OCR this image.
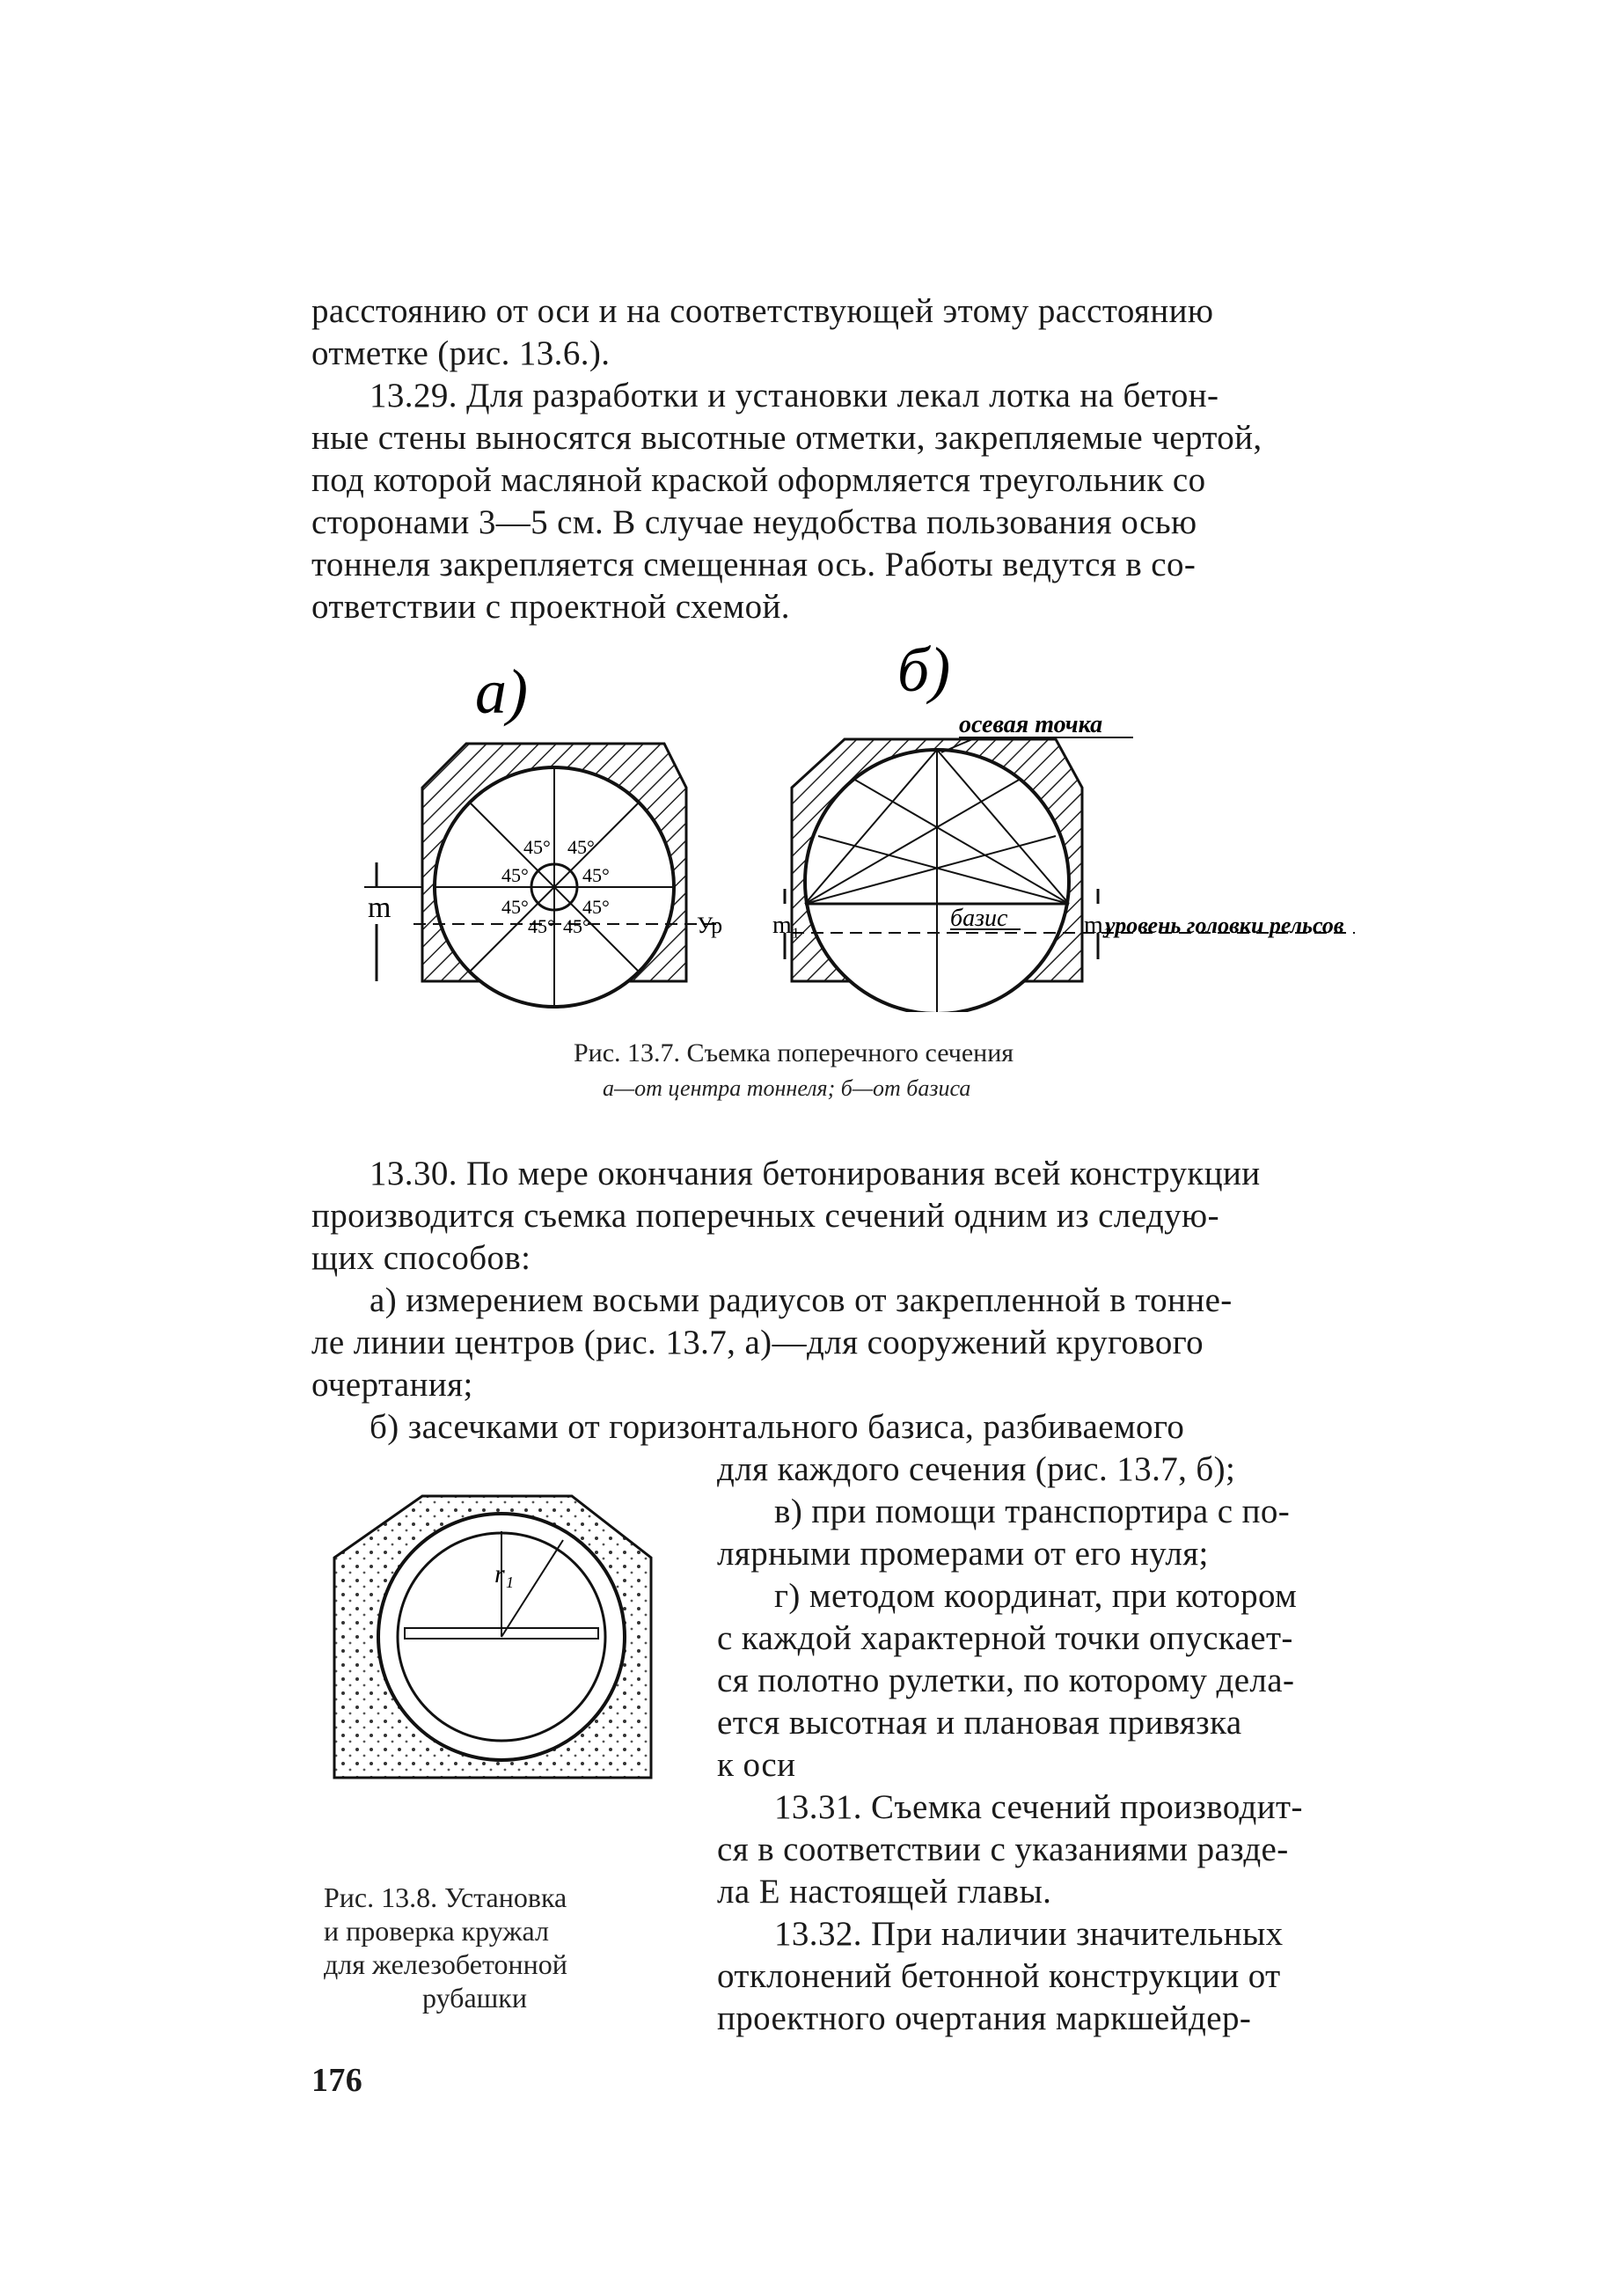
расстоянию от оси и на соответствующей этому расстоянию
отметке (рис. 13.6.).
13.29. Для разработки и установки лекал лотка на бетон-
ные стены выносятся высотные отметки, закрепляемые чертой,
под которой масляной краской оформляется треугольник со
сторонами 3—5 см. В случае неудобства пользования осью
тоннеля закрепляется смещенная ось. Работы ведутся в со-
ответствии с проектной схемой.
а)	б)
45° 45°
45°	45°
45°	45°
45° 45°	Ур
m	базис
осевая точка
уровень головки рельсов
m₁	m₁
Рис. 13.7. Съемка поперечного сечения
а—от центра тоннеля; б—от базиса
13.30. По мере окончания бетонирования всей конструкции
производится съемка поперечных сечений одним из следую-
щих способов:
а) измерением восьми радиусов от закрепленной в тонне-
ле линии центров (рис. 13.7, а)—для сооружений кругового
очертания;
б) засечками от горизонтального базиса, разбиваемого
для каждого сечения (рис. 13.7, б);
в) при помощи транспортира с по-
лярными промерами от его нуля;
г) методом координат, при котором
с каждой характерной точки опускает-
ся полотно рулетки, по которому дела-
ется высотная и плановая привязка
к оси
13.31. Съемка сечений производит-
ся в соответствии с указаниями разде-
ла Е настоящей главы.
13.32. При наличии значительных
отклонений бетонной конструкции от
проектного очертания маркшейдер-
r₁
Рис. 13.8. Установка
и проверка кружал
для железобетонной
рубашки
176
